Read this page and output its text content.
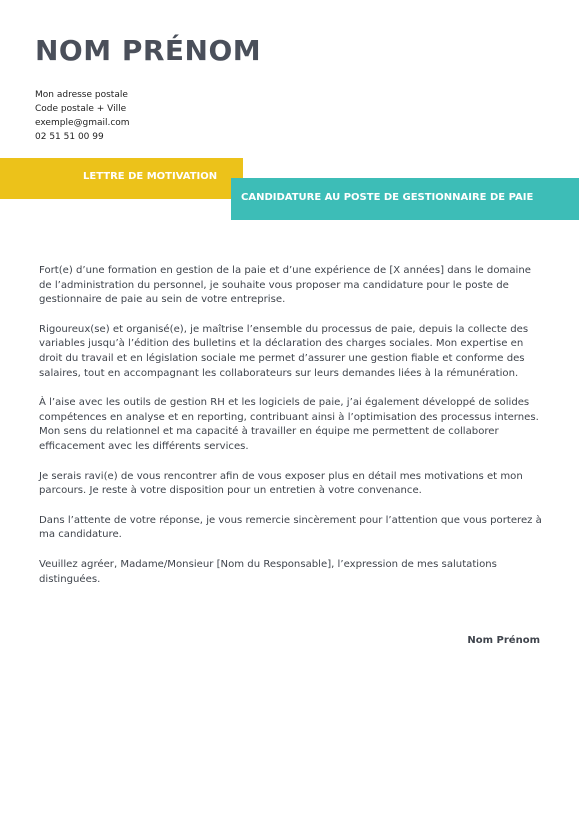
NOM PRÉNOM
Mon adresse postale
Code postale + Ville
exemple@gmail.com
02 51 51 00 99
LETTRE DE MOTIVATION
CANDIDATURE AU POSTE DE GESTIONNAIRE DE PAIE

Fort(e) d’une formation en gestion de la paie et d’une expérience de [X années] dans le domaine de l’administration du personnel, je souhaite vous proposer ma candidature pour le poste de gestionnaire de paie au sein de votre entreprise.

Rigoureux(se) et organisé(e), je maîtrise l’ensemble du processus de paie, depuis la collecte des variables jusqu’à l’édition des bulletins et la déclaration des charges sociales. Mon expertise en droit du travail et en législation sociale me permet d’assurer une gestion fiable et conforme des salaires, tout en accompagnant les collaborateurs sur leurs demandes liées à la rémunération.

À l’aise avec les outils de gestion RH et les logiciels de paie, j’ai également développé de solides compétences en analyse et en reporting, contribuant ainsi à l’optimisation des processus internes. Mon sens du relationnel et ma capacité à travailler en équipe me permettent de collaborer efficacement avec les différents services.

Je serais ravi(e) de vous rencontrer afin de vous exposer plus en détail mes motivations et mon parcours. Je reste à votre disposition pour un entretien à votre convenance.

Dans l’attente de votre réponse, je vous remercie sincèrement pour l’attention que vous porterez à ma candidature.

Veuillez agréer, Madame/Monsieur [Nom du Responsable], l’expression de mes salutations distinguées.

Nom Prénom
